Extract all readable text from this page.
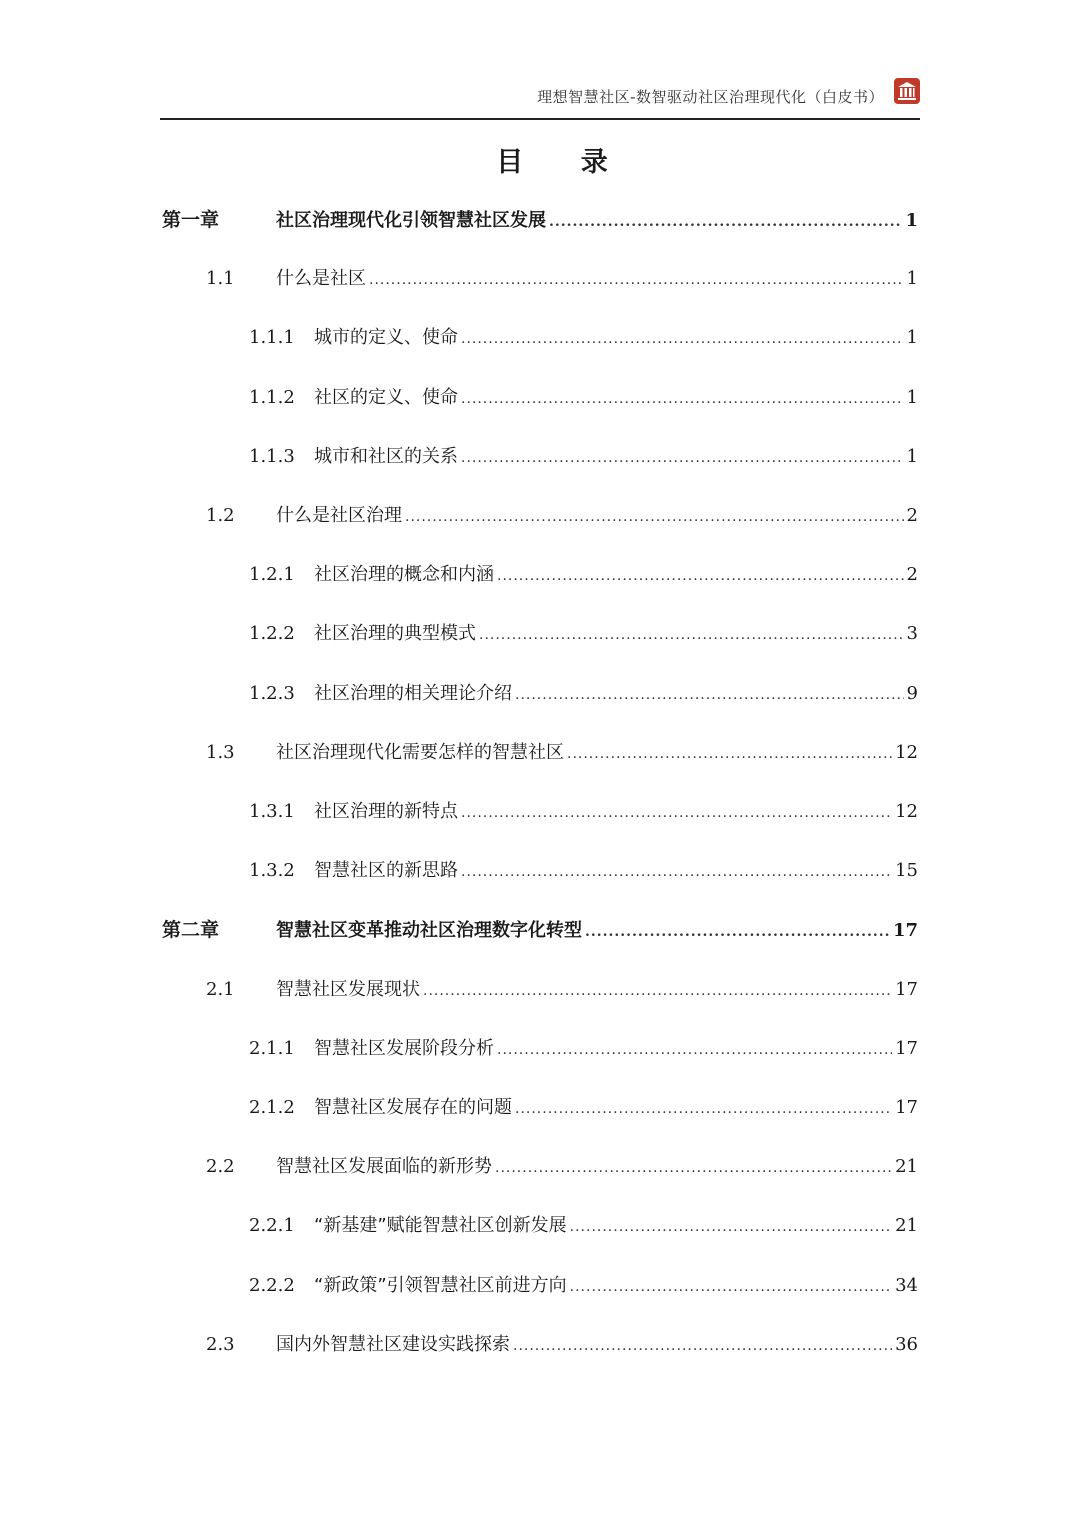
理想智慧社区-数智驱动社区治理现代化（白皮书）
目 录
第一章	社区治理现代化引领智慧社区发展 .....	1
1.1	什么是社区 .....	1
1.1.1	城市的定义、使命 .....	1
1.1.2	社区的定义、使命 .....	1
1.1.3	城市和社区的关系 .....	1
1.2	什么是社区治理 .....	2
1.2.1	社区治理的概念和内涵 .....	2
1.2.2	社区治理的典型模式 .....	3
1.2.3	社区治理的相关理论介绍 .....	9
1.3	社区治理现代化需要怎样的智慧社区 .....	12
1.3.1	社区治理的新特点 .....	12
1.3.2	智慧社区的新思路 .....	15
第二章	智慧社区变革推动社区治理数字化转型 .....	17
2.1	智慧社区发展现状 .....	17
2.1.1	智慧社区发展阶段分析 .....	17
2.1.2	智慧社区发展存在的问题 .....	17
2.2	智慧社区发展面临的新形势 .....	21
2.2.1	“新基建”赋能智慧社区创新发展 .....	21
2.2.2	“新政策”引领智慧社区前进方向 .....	34
2.3	国内外智慧社区建设实践探索 .....	36
